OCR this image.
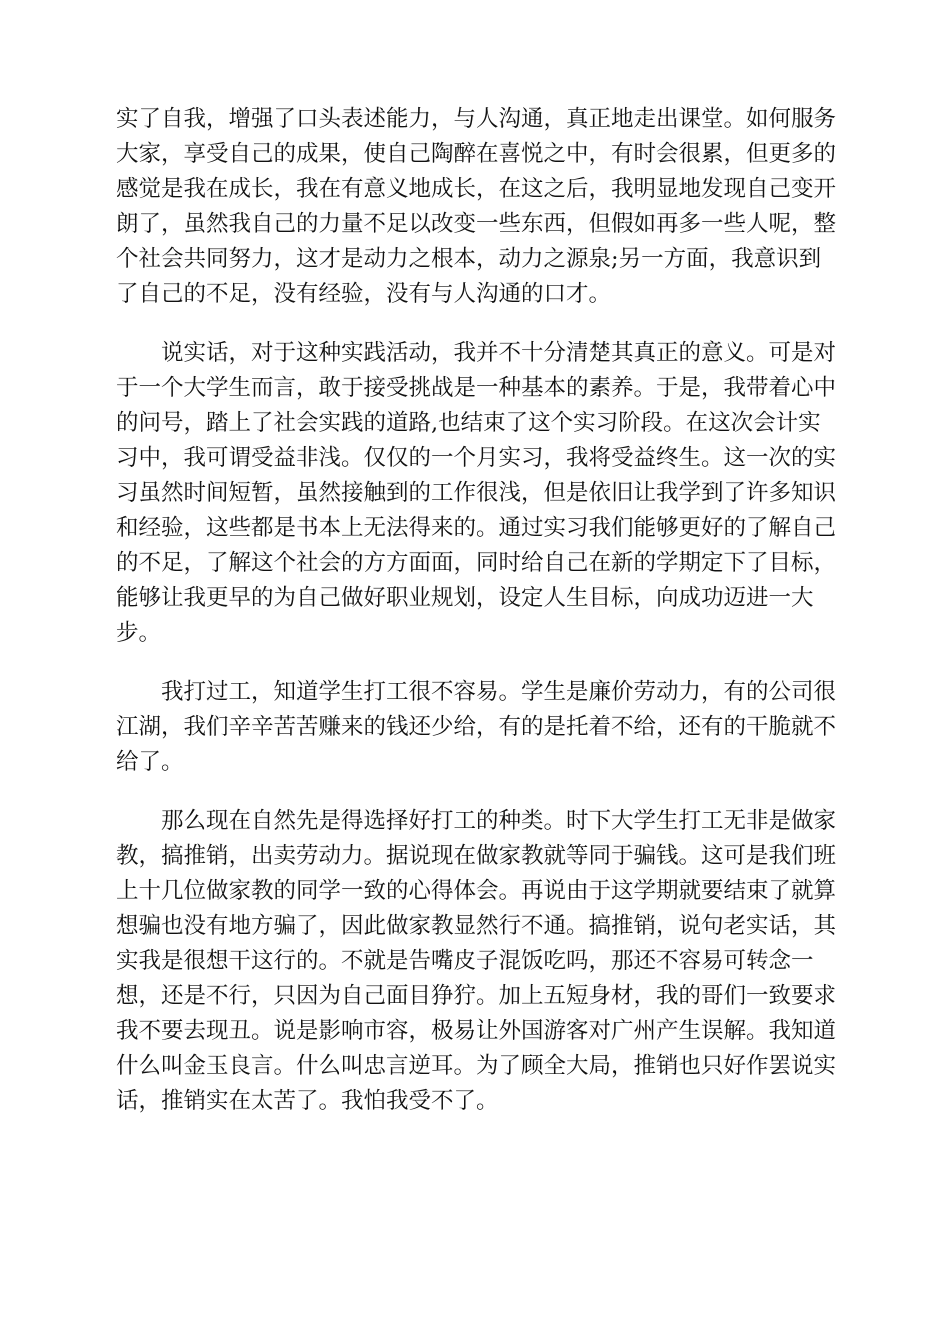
实了自我，增强了口头表述能力，与人沟通，真正地走出课堂。如何服务
大家，享受自己的成果，使自己陶醉在喜悦之中，有时会很累，但更多的
感觉是我在成长，我在有意义地成长，在这之后，我明显地发现自己变开
朗了，虽然我自己的力量不足以改变一些东西，但假如再多一些人呢，整
个社会共同努力，这才是动力之根本，动力之源泉;另一方面，我意识到
了自己的不足，没有经验，没有与人沟通的口才。

说实话，对于这种实践活动，我并不十分清楚其真正的意义。可是对
于一个大学生而言，敢于接受挑战是一种基本的素养。于是，我带着心中
的问号，踏上了社会实践的道路,也结束了这个实习阶段。在这次会计实
习中，我可谓受益非浅。仅仅的一个月实习，我将受益终生。这一次的实
习虽然时间短暂，虽然接触到的工作很浅，但是依旧让我学到了许多知识
和经验，这些都是书本上无法得来的。通过实习我们能够更好的了解自己
的不足，了解这个社会的方方面面，同时给自己在新的学期定下了目标，
能够让我更早的为自己做好职业规划，设定人生目标，向成功迈进一大
步。

我打过工，知道学生打工很不容易。学生是廉价劳动力，有的公司很
江湖，我们辛辛苦苦赚来的钱还少给，有的是托着不给，还有的干脆就不
给了。

那么现在自然先是得选择好打工的种类。时下大学生打工无非是做家
教，搞推销，出卖劳动力。据说现在做家教就等同于骗钱。这可是我们班
上十几位做家教的同学一致的心得体会。再说由于这学期就要结束了就算
想骗也没有地方骗了，因此做家教显然行不通。搞推销，说句老实话，其
实我是很想干这行的。不就是告嘴皮子混饭吃吗，那还不容易可转念一
想，还是不行，只因为自己面目狰狞。加上五短身材，我的哥们一致要求
我不要去现丑。说是影响市容，极易让外国游客对广州产生误解。我知道
什么叫金玉良言。什么叫忠言逆耳。为了顾全大局，推销也只好作罢说实
话，推销实在太苦了。我怕我受不了。
